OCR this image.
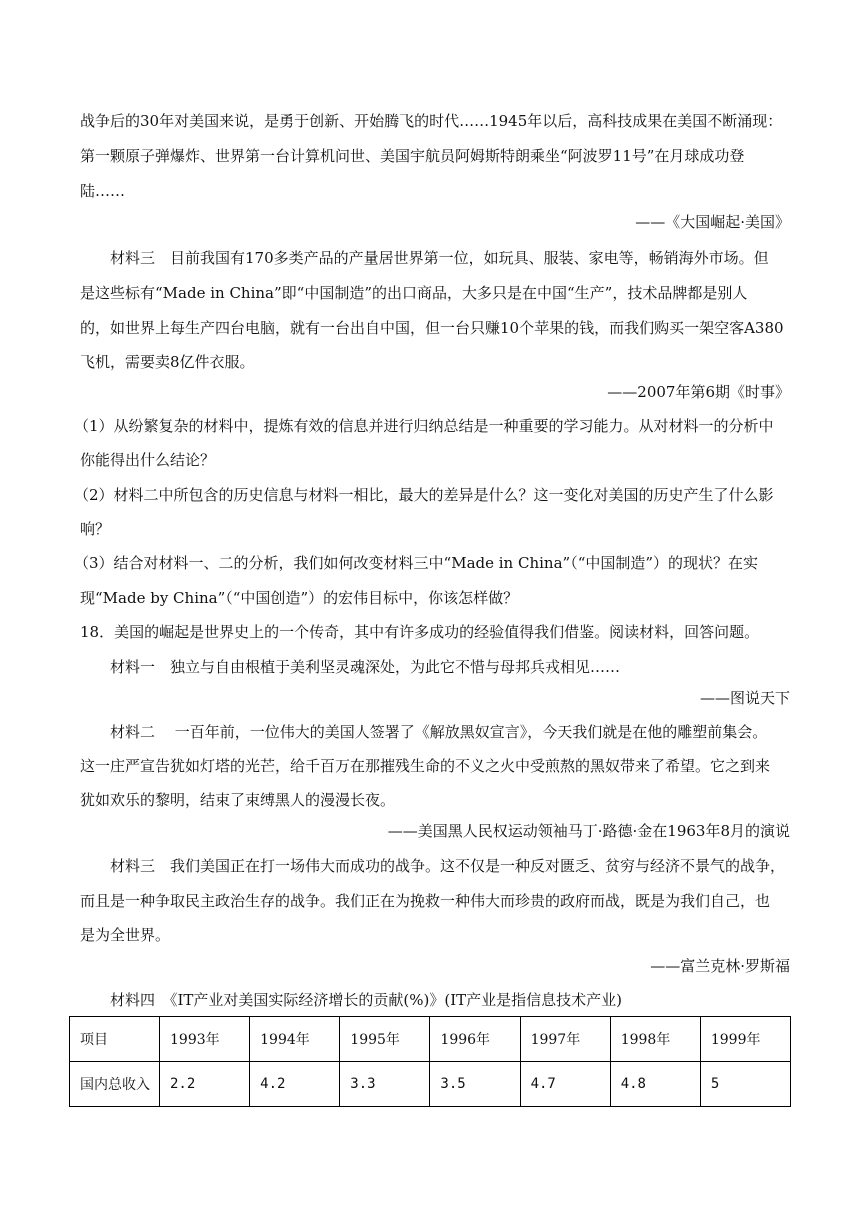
战争后的30年对美国来说，是勇于创新、开始腾飞的时代……1945年以后，高科技成果在美国不断涌现：
第一颗原子弹爆炸、世界第一台计算机问世、美国宇航员阿姆斯特朗乘坐“阿波罗11号”在月球成功登
陆……
——《大国崛起·美国》
材料三　目前我国有170多类产品的产量居世界第一位，如玩具、服装、家电等，畅销海外市场。但
是这些标有“Made in China”即“中国制造”的出口商品，大多只是在中国“生产”，技术品牌都是别人
的，如世界上每生产四台电脑，就有一台出自中国，但一台只赚10个苹果的钱，而我们购买一架空客A380
飞机，需要卖8亿件衣服。
——2007年第6期《时事》
（1）从纷繁复杂的材料中，提炼有效的信息并进行归纳总结是一种重要的学习能力。从对材料一的分析中
你能得出什么结论？
（2）材料二中所包含的历史信息与材料一相比，最大的差异是什么？这一变化对美国的历史产生了什么影
响？
（3）结合对材料一、二的分析，我们如何改变材料三中“Made in China”（“中国制造”）的现状？在实
现“Made by China”（“中国创造”）的宏伟目标中，你该怎样做？
18．美国的崛起是世界史上的一个传奇，其中有许多成功的经验值得我们借鉴。阅读材料，回答问题。
材料一　独立与自由根植于美利坚灵魂深处，为此它不惜与母邦兵戎相见……
——图说天下
材料二　 一百年前，一位伟大的美国人签署了《解放黑奴宣言》，今天我们就是在他的雕塑前集会。
这一庄严宣告犹如灯塔的光芒，给千百万在那摧残生命的不义之火中受煎熬的黑奴带来了希望。它之到来
犹如欢乐的黎明，结束了束缚黑人的漫漫长夜。
——美国黑人民权运动领袖马丁·路德·金在1963年8月的演说
材料三　我们美国正在打一场伟大而成功的战争。这不仅是一种反对匮乏、贫穷与经济不景气的战争，
而且是一种争取民主政治生存的战争。我们正在为挽救一种伟大而珍贵的政府而战，既是为我们自己，也
是为全世界。
——富兰克林·罗斯福
材料四　《IT产业对美国实际经济增长的贡献(%)》(IT产业是指信息技术产业)
项目	1993年	1994年	1995年	1996年	1997年	1998年	1999年
国内总收入	2.2	4.2	3.3	3.5	4.7	4.8	5
